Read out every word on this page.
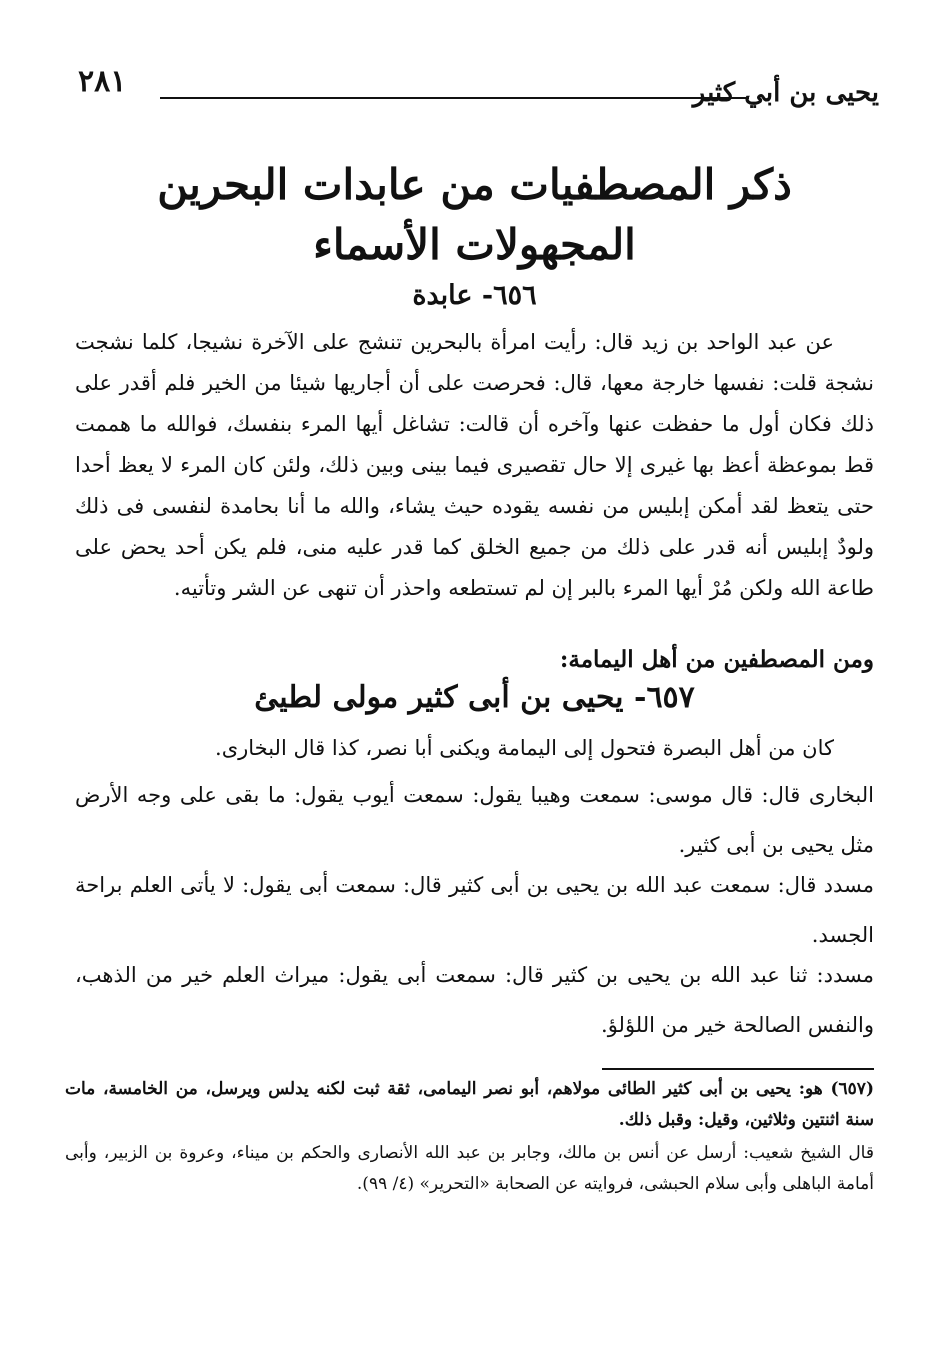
يحيى بن أبي كثير
٢٨١
ذكر المصطفيات من عابدات البحرين
المجهولات الأسماء
٦٥٦- عابدة
عن عبد الواحد بن زيد قال: رأيت امرأة بالبحرين تنشج على الآخرة نشيجا، كلما نشجت نشجة قلت: نفسها خارجة معها، قال: فحرصت على أن أجاريها شيئا من الخير فلم أقدر على ذلك فكان أول ما حفظت عنها وآخره أن قالت: تشاغل أيها المرء بنفسك، فوالله ما هممت قط بموعظة أعظ بها غيرى إلا حال تقصيرى فيما بينى وبين ذلك، ولئن كان المرء لا يعظ أحدا حتى يتعظ لقد أمكن إبليس من نفسه يقوده حيث يشاء، والله ما أنا بحامدة لنفسى فى ذلك ولودٌ إبليس أنه قدر على ذلك من جميع الخلق كما قدر عليه منى، فلم يكن أحد يحض على طاعة الله ولكن مُرْ أيها المرء بالبر إن لم تستطعه واحذر أن تنهى عن الشر وتأتيه.
ومن المصطفين من أهل اليمامة:
٦٥٧- يحيى بن أبى كثير مولى لطيئ
كان من أهل البصرة فتحول إلى اليمامة ويكنى أبا نصر، كذا قال البخارى.
البخارى قال: قال موسى: سمعت وهيبا يقول: سمعت أيوب يقول: ما بقى على وجه الأرض مثل يحيى بن أبى كثير.
مسدد قال: سمعت عبد الله بن يحيى بن أبى كثير قال: سمعت أبى يقول: لا يأتى العلم براحة الجسد.
مسدد: ثنا عبد الله بن يحيى بن كثير قال: سمعت أبى يقول: ميراث العلم خير من الذهب، والنفس الصالحة خير من اللؤلؤ.
(٦٥٧) هو: يحيى بن أبى كثير الطائى مولاهم، أبو نصر اليمامى، ثقة ثبت لكنه يدلس ويرسل، من الخامسة، مات سنة اثنتين وثلاثين، وقيل: وقبل ذلك.
قال الشيخ شعيب: أرسل عن أنس بن مالك، وجابر بن عبد الله الأنصارى والحكم بن ميناء، وعروة بن الزبير، وأبى أمامة الباهلى وأبى سلام الحبشى، فروايته عن الصحابة «التحرير» (٤/ ٩٩).
